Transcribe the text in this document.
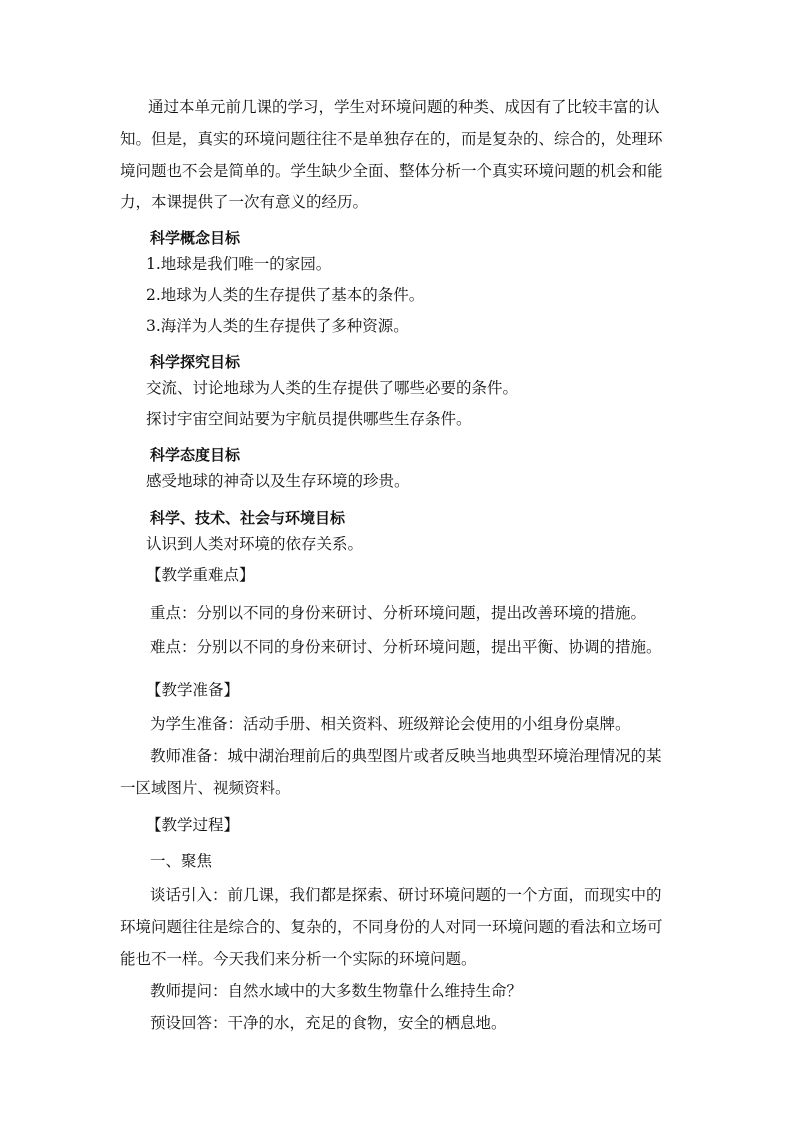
通过本单元前几课的学习，学生对环境问题的种类、成因有了比较丰富的认
知。但是，真实的环境问题往往不是单独存在的，而是复杂的、综合的，处理环
境问题也不会是简单的。学生缺少全面、整体分析一个真实环境问题的机会和能
力，本课提供了一次有意义的经历。
科学概念目标
1.地球是我们唯一的家园。
2.地球为人类的生存提供了基本的条件。
3.海洋为人类的生存提供了多种资源。
科学探究目标
交流、讨论地球为人类的生存提供了哪些必要的条件。
探讨宇宙空间站要为宇航员提供哪些生存条件。
科学态度目标
感受地球的神奇以及生存环境的珍贵。
科学、技术、社会与环境目标
认识到人类对环境的依存关系。
【教学重难点】
重点：分别以不同的身份来研讨、分析环境问题，提出改善环境的措施。
难点：分别以不同的身份来研讨、分析环境问题，提出平衡、协调的措施。
【教学准备】
为学生准备：活动手册、相关资料、班级辩论会使用的小组身份桌牌。
教师准备：城中湖治理前后的典型图片或者反映当地典型环境治理情况的某
一区域图片、视频资料。
【教学过程】
一、聚焦
谈话引入：前几课，我们都是探索、研讨环境问题的一个方面，而现实中的
环境问题往往是综合的、复杂的，不同身份的人对同一环境问题的看法和立场可
能也不一样。今天我们来分析一个实际的环境问题。
教师提问：自然水域中的大多数生物靠什么维持生命？
预设回答：干净的水，充足的食物，安全的栖息地。
